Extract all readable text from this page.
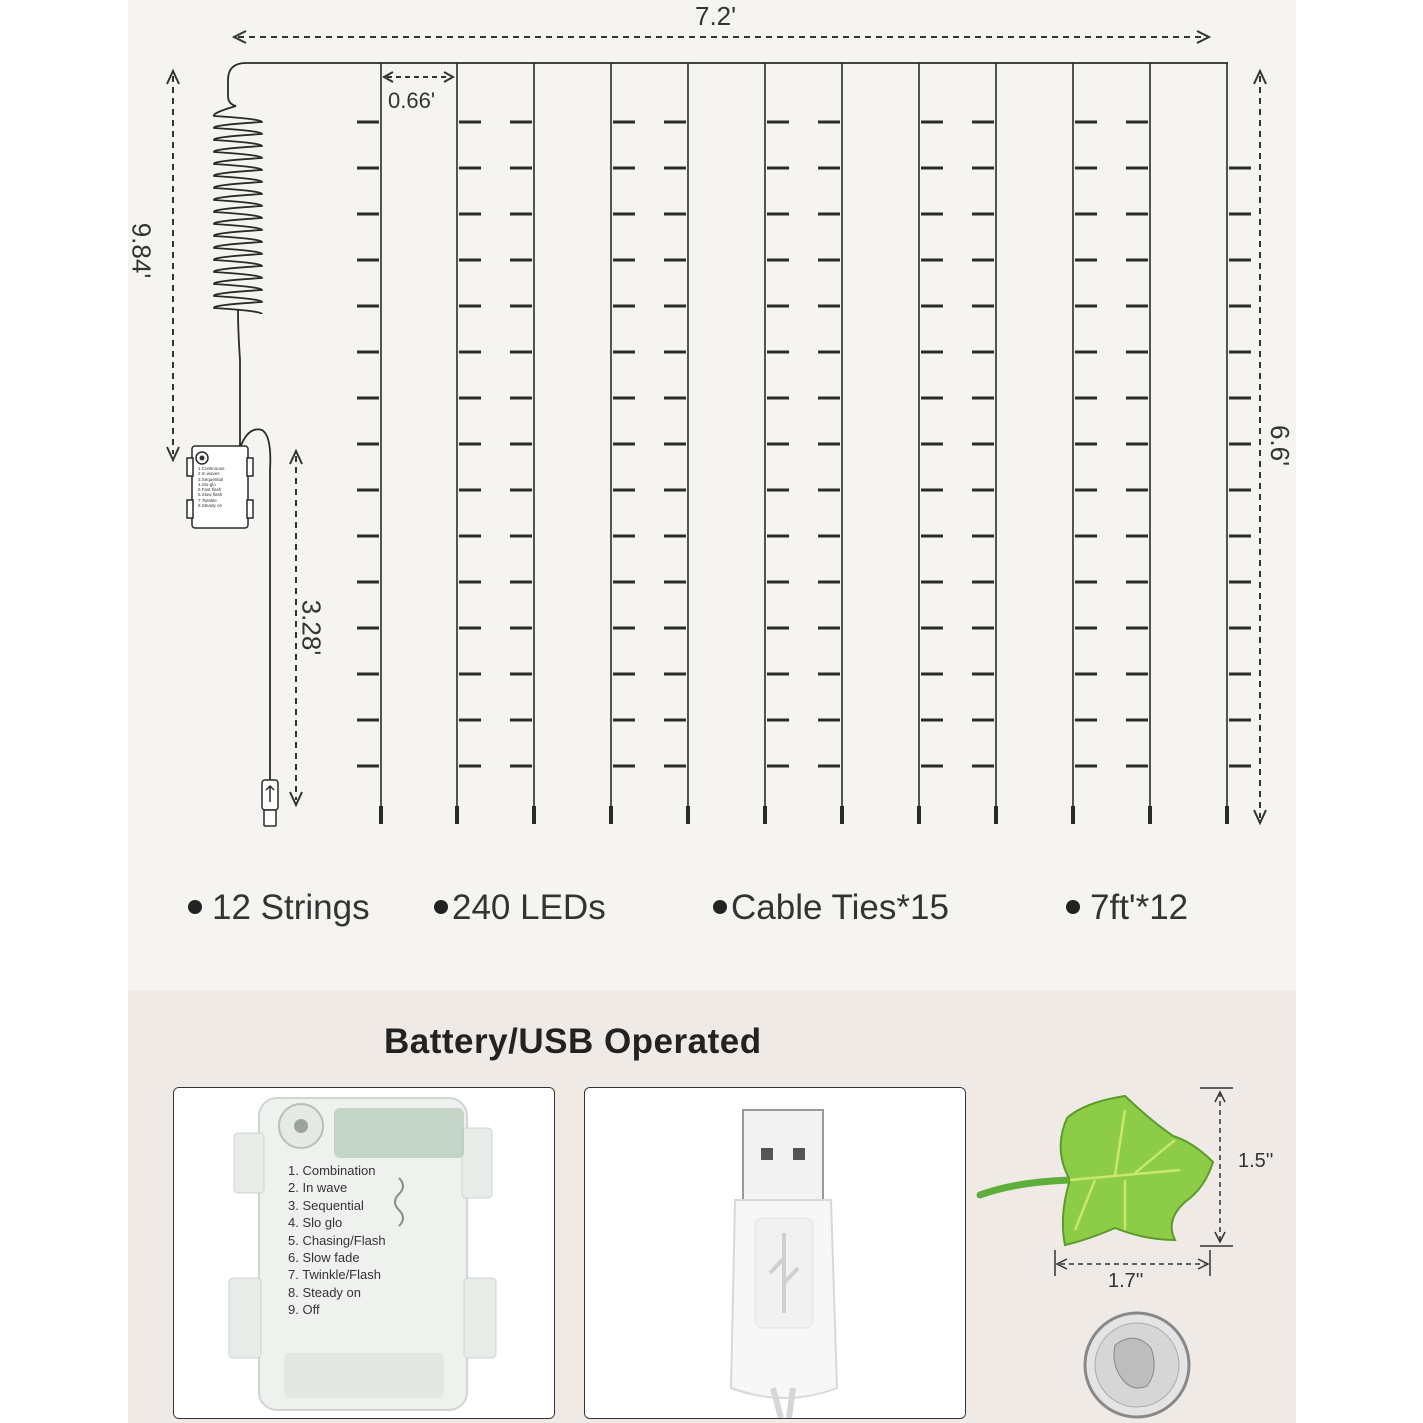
1.Continuous
2.In waves
3.Sequential
4.Slo-glo
5.Fast flash
6.Slow flash
7.Twinkle
8.Steady on
7.2'
0.66'
9.84'
6.6'
3.28'
12 Strings	240 LEDs	Cable Ties*15	7ft'*12
Battery/USB Operated
1. Combination
2. In wave
3. Sequential
4. Slo glo
5. Chasing/Flash
6. Slow fade
7. Twinkle/Flash
8. Steady on
9. Off
1.5''
1.7''
